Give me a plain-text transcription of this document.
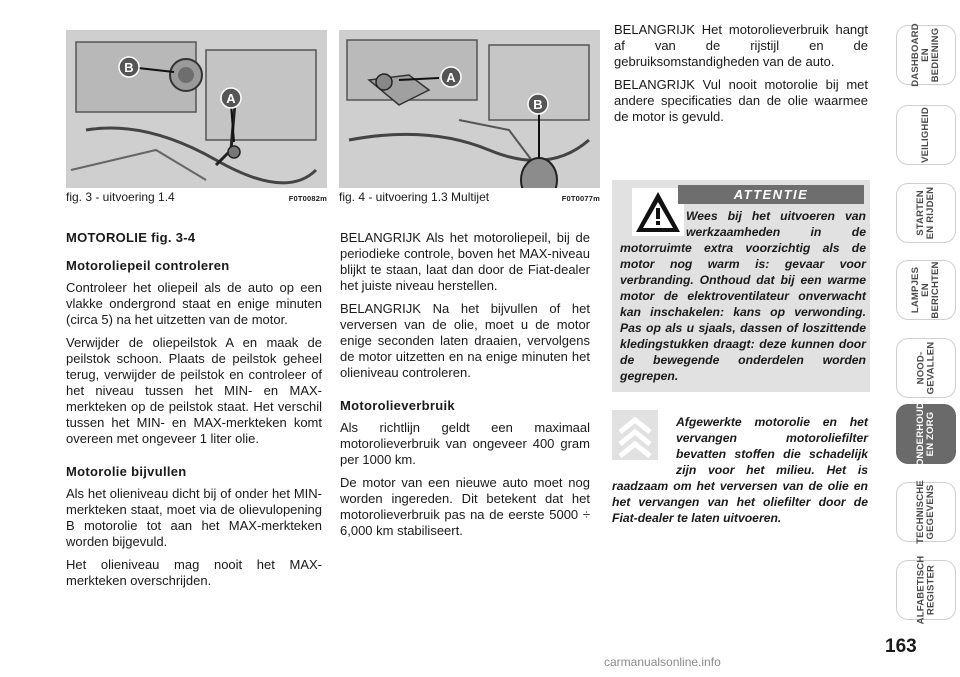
B
A
fig. 3 - uitvoering 1.4	F0T0082m
A
B
fig. 4 - uitvoering 1.3 Multijet	F0T0077m
MOTOROLIE fig. 3-4
Motoroliepeil controleren

Controleer het oliepeil als de auto op een vlakke ondergrond staat en enige minuten (circa 5) na het uitzetten van de motor.

Verwijder de oliepeilstok A en maak de peilstok schoon. Plaats de peilstok geheel terug, verwijder de peilstok en controleer of het niveau tussen het MIN- en MAX-merkteken op de peilstok staat. Het verschil tussen het MIN- en MAX-merkteken komt overeen met ongeveer 1 liter olie.

Motorolie bijvullen

Als het olieniveau dicht bij of onder het MIN-merkteken staat, moet via de olievulopening B motorolie tot aan het MAX-merkteken worden bijgevuld.

Het olieniveau mag nooit het MAX-merkteken overschrijden.

BELANGRIJK Als het motoroliepeil, bij de periodieke controle, boven het MAX-niveau blijkt te staan, laat dan door de Fiat-dealer het juiste niveau herstellen.

BELANGRIJK Na het bijvullen of het verversen van de olie, moet u de motor enige seconden laten draaien, vervolgens de motor uitzetten en na enige minuten het olieniveau controleren.

Motorolieverbruik

Als richtlijn geldt een maximaal motorolieverbruik van ongeveer 400 gram per 1000 km.

De motor van een nieuwe auto moet nog worden ingereden. Dit betekent dat het motorolieverbruik pas na de eerste 5000 ÷ 6,000 km stabiliseert.

BELANGRIJK Het motorolieverbruik hangt af van de rijstijl en de gebruiksomstandigheden van de auto.

BELANGRIJK Vul nooit motorolie bij met andere specificaties dan de olie waarmee de motor is gevuld.

ATTENTIE
Wees bij het uitvoeren van werkzaamheden in de motorruimte extra voorzichtig als de motor nog warm is: gevaar voor verbranding. Onthoud dat bij een warme motor de elektroventilateur onverwacht kan inschakelen: kans op verwonding. Pas op als u sjaals, dassen of loszittende kledingstukken draagt: deze kunnen door de bewegende onderdelen worden gegrepen.
Afgewerkte motorolie en het vervangen motoroliefilter bevatten stoffen die schadelijk zijn voor het milieu. Het is raadzaam om het verversen van de olie en het vervangen van het oliefilter door de Fiat-dealer te laten uitvoeren.
DASHBOARD
EN BEDIENING
VEILIGHEID
STARTEN
EN RIJDEN
LAMPJES EN
BERICHTEN
NOOD-
GEVALLEN
ONDERHOUD
EN ZORG
TECHNISCHE
GEGEVENS
ALFABETISCH
REGISTER
163
carmanualsonline.info
